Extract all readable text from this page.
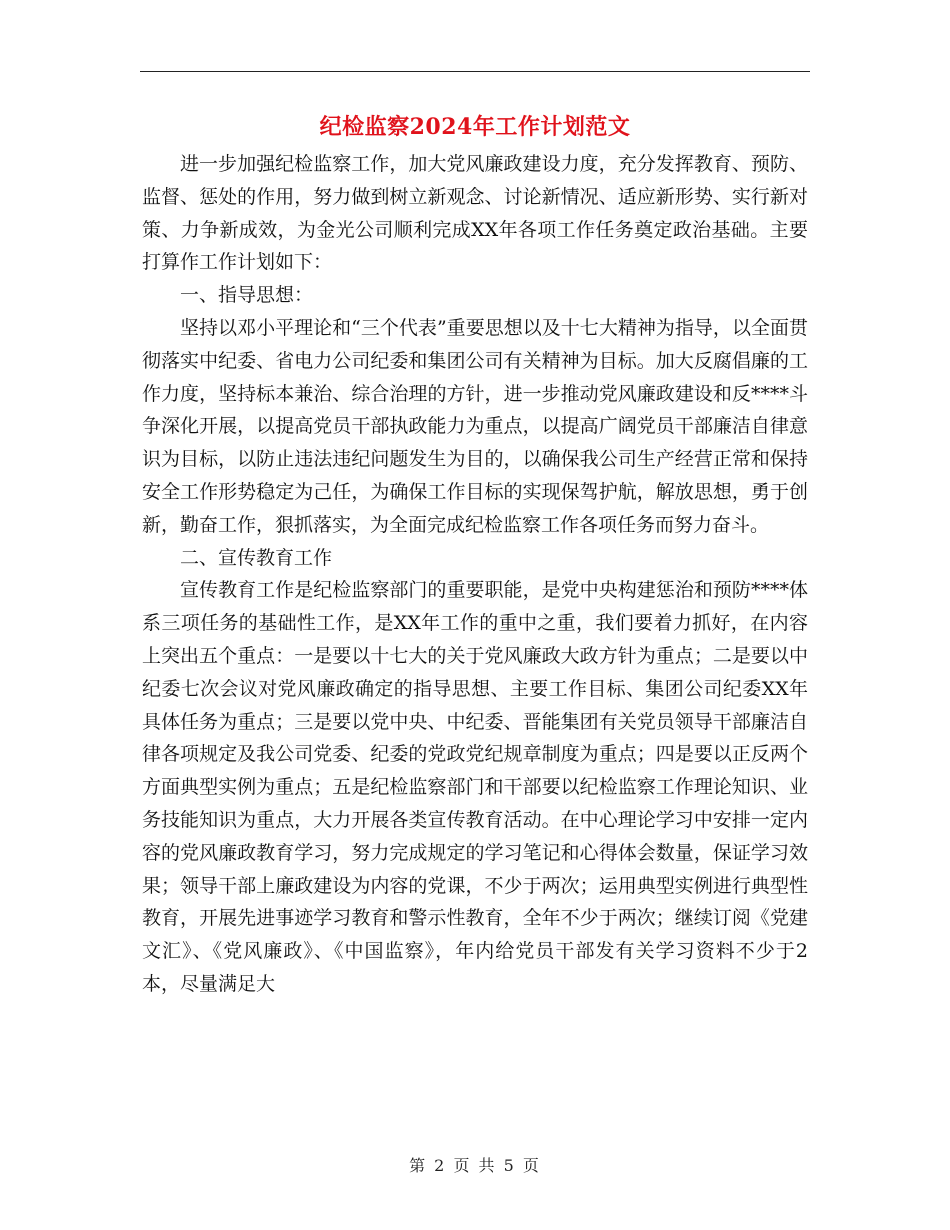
纪检监察2024年工作计划范文

进一步加强纪检监察工作，加大党风廉政建设力度，充分发挥教育、预防、监督、惩处的作用，努力做到树立新观念、讨论新情况、适应新形势、实行新对策、力争新成效，为金光公司顺利完成XX年各项工作任务奠定政治基础。主要打算作工作计划如下：

一、指导思想：

坚持以邓小平理论和“三个代表”重要思想以及十七大精神为指导，以全面贯彻落实中纪委、省电力公司纪委和集团公司有关精神为目标。加大反腐倡廉的工作力度，坚持标本兼治、综合治理的方针，进一步推动党风廉政建设和反****斗争深化开展，以提高党员干部执政能力为重点，以提高广阔党员干部廉洁自律意识为目标，以防止违法违纪问题发生为目的，以确保我公司生产经营正常和保持安全工作形势稳定为己任，为确保工作目标的实现保驾护航，解放思想，勇于创新，勤奋工作，狠抓落实，为全面完成纪检监察工作各项任务而努力奋斗。

二、宣传教育工作

宣传教育工作是纪检监察部门的重要职能，是党中央构建惩治和预防****体系三项任务的基础性工作，是XX年工作的重中之重，我们要着力抓好，在内容上突出五个重点：一是要以十七大的关于党风廉政大政方针为重点；二是要以中纪委七次会议对党风廉政确定的指导思想、主要工作目标、集团公司纪委XX年具体任务为重点；三是要以党中央、中纪委、晋能集团有关党员领导干部廉洁自律各项规定及我公司党委、纪委的党政党纪规章制度为重点；四是要以正反两个方面典型实例为重点；五是纪检监察部门和干部要以纪检监察工作理论知识、业务技能知识为重点，大力开展各类宣传教育活动。在中心理论学习中安排一定内容的党风廉政教育学习，努力完成规定的学习笔记和心得体会数量，保证学习效果；领导干部上廉政建设为内容的党课，不少于两次；运用典型实例进行典型性教育，开展先进事迹学习教育和警示性教育，全年不少于两次；继续订阅《党建文汇》、《党风廉政》、《中国监察》，年内给党员干部发有关学习资料不少于2本，尽量满足大

第 2 页 共 5 页
